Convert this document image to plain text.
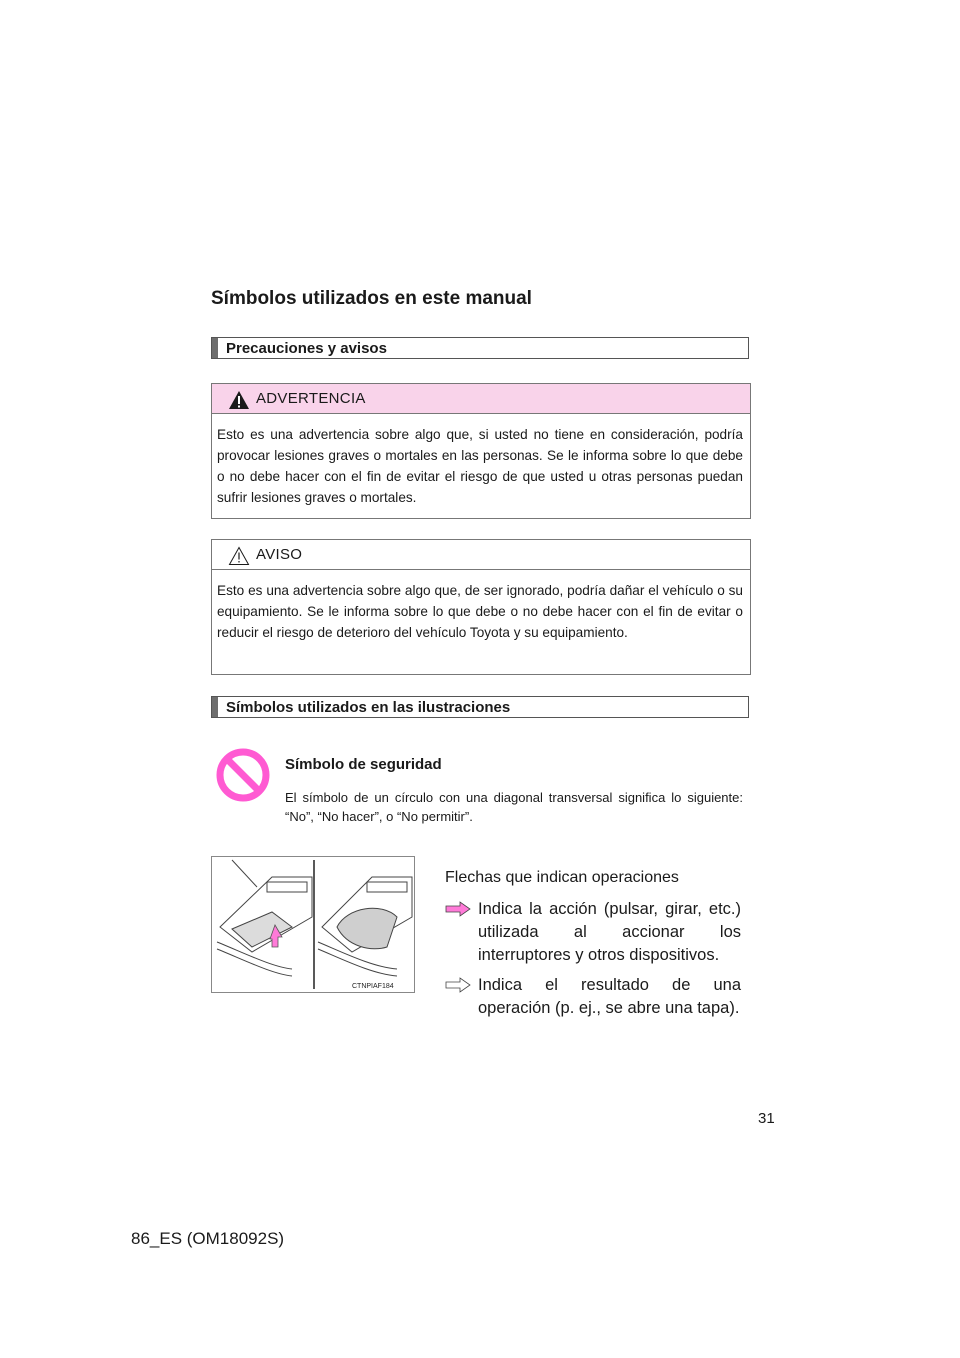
Símbolos utilizados en este manual
Precauciones y avisos
ADVERTENCIA
Esto es una advertencia sobre algo que, si usted no tiene en consideración, podría provocar lesiones graves o mortales en las personas. Se le informa sobre lo que debe o no debe hacer con el fin de evitar el riesgo de que usted u otras personas puedan sufrir lesiones graves o mortales.
AVISO
Esto es una advertencia sobre algo que, de ser ignorado, podría dañar el vehículo o su equipamiento. Se le informa sobre lo que debe o no debe hacer con el fin de evitar o reducir el riesgo de deterioro del vehículo Toyota y su equipamiento.
Símbolos utilizados en las ilustraciones
Símbolo de seguridad
El símbolo de un círculo con una diagonal transversal significa lo siguiente: “No”, “No hacer”, o “No permitir”.
CTNPIAF184
Flechas que indican operaciones
Indica la acción (pulsar, girar, etc.) utilizada al accionar los interruptores y otros dispositivos.
Indica el resultado de una operación (p. ej., se abre una tapa).
31
86_ES (OM18092S)
